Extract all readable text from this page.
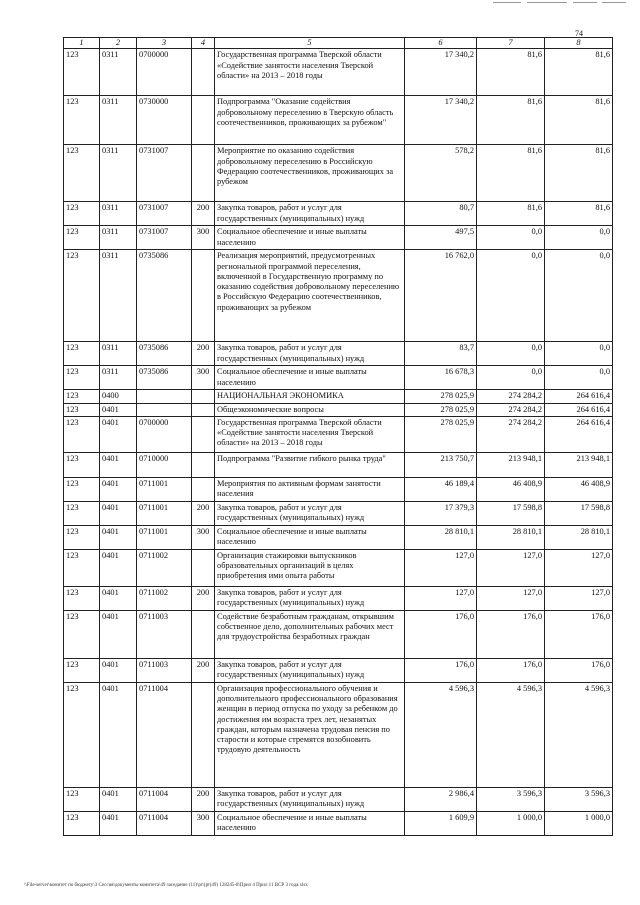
74
1	2	3	4	5	6	7	8
123	0311	0700000		Государственная программа Тверской области «Содействие занятости населения Тверской области» на 2013 – 2018 годы	17 340,2	81,6	81,6
123	0311	0730000		Подпрограмма "Оказание содействия добровольному переселению в Тверскую область соотечественников, проживающих за рубежом"	17 340,2	81,6	81,6
123	0311	0731007		Мероприятие по оказанию содействия добровольному переселению в Российскую Федерацию соотечественников, проживающих за рубежом	578,2	81,6	81,6
123	0311	0731007	200	Закупка товаров, работ и услуг для государственных (муниципальных) нужд	80,7	81,6	81,6
123	0311	0731007	300	Социальное обеспечение и иные выплаты населению	497,5	0,0	0,0
123	0311	0735086		Реализация мероприятий, предусмотренных региональной программой переселения, включенной в Государственную программу по оказанию содействия добровольному переселению в Российскую Федерацию соотечественников, проживающих за рубежом	16 762,0	0,0	0,0
123	0311	0735086	200	Закупка товаров, работ и услуг для государственных (муниципальных) нужд	83,7	0,0	0,0
123	0311	0735086	300	Социальное обеспечение и иные выплаты населению	16 678,3	0,0	0,0
123	0400			НАЦИОНАЛЬНАЯ ЭКОНОМИКА	278 025,9	274 284,2	264 616,4
123	0401			Общеэкономические вопросы	278 025,9	274 284,2	264 616,4
123	0401	0700000		Государственная программа Тверской области «Содействие занятости населения Тверской области» на 2013 – 2018 годы	278 025,9	274 284,2	264 616,4
123	0401	0710000		Подпрограмма "Развитие гибкого рынка труда"	213 750,7	213 948,1	213 948,1
123	0401	0711001		Мероприятия по активным формам занятости населения	46 189,4	46 408,9	46 408,9
123	0401	0711001	200	Закупка товаров, работ и услуг для государственных (муниципальных) нужд	17 379,3	17 598,8	17 598,8
123	0401	0711001	300	Социальное обеспечение и иные выплаты населению	28 810,1	28 810,1	28 810,1
123	0401	0711002		Организация стажировки выпускников образовательных организаций в целях приобретения ими опыта работы	127,0	127,0	127,0
123	0401	0711002	200	Закупка товаров, работ и услуг для государственных (муниципальных) нужд	127,0	127,0	127,0
123	0401	0711003		Содействие безработным гражданам, открывшим собственное дело, дополнительных рабочих мест для трудоустройства безработных граждан	176,0	176,0	176,0
123	0401	0711003	200	Закупка товаров, работ и услуг для государственных (муниципальных) нужд	176,0	176,0	176,0
123	0401	0711004		Организация профессионального обучения и дополнительного профессионального образования женщин в период отпуска по уходу за ребенком до достижения им возраста трех лет, незанятых граждан, которым назначена трудовая пенсия по старости и которые стремятся возобновить трудовую деятельность	4 596,3	4 596,3	4 596,3
123	0401	0711004	200	Закупка товаров, работ и услуг для государственных (муниципальных) нужд	2 986,4	3 596,3	3 596,3
123	0401	0711004	300	Социальное обеспечение и иные выплаты населению	1 609,9	1 000,0	1 000,0
\\File-server\комитет по бюджету\3 Сессия\документы комитета\49 заседание (11)\pr\(pr(49) 128245-8\Прил 4 Прил 11 ВСР 3 года.xlsx
